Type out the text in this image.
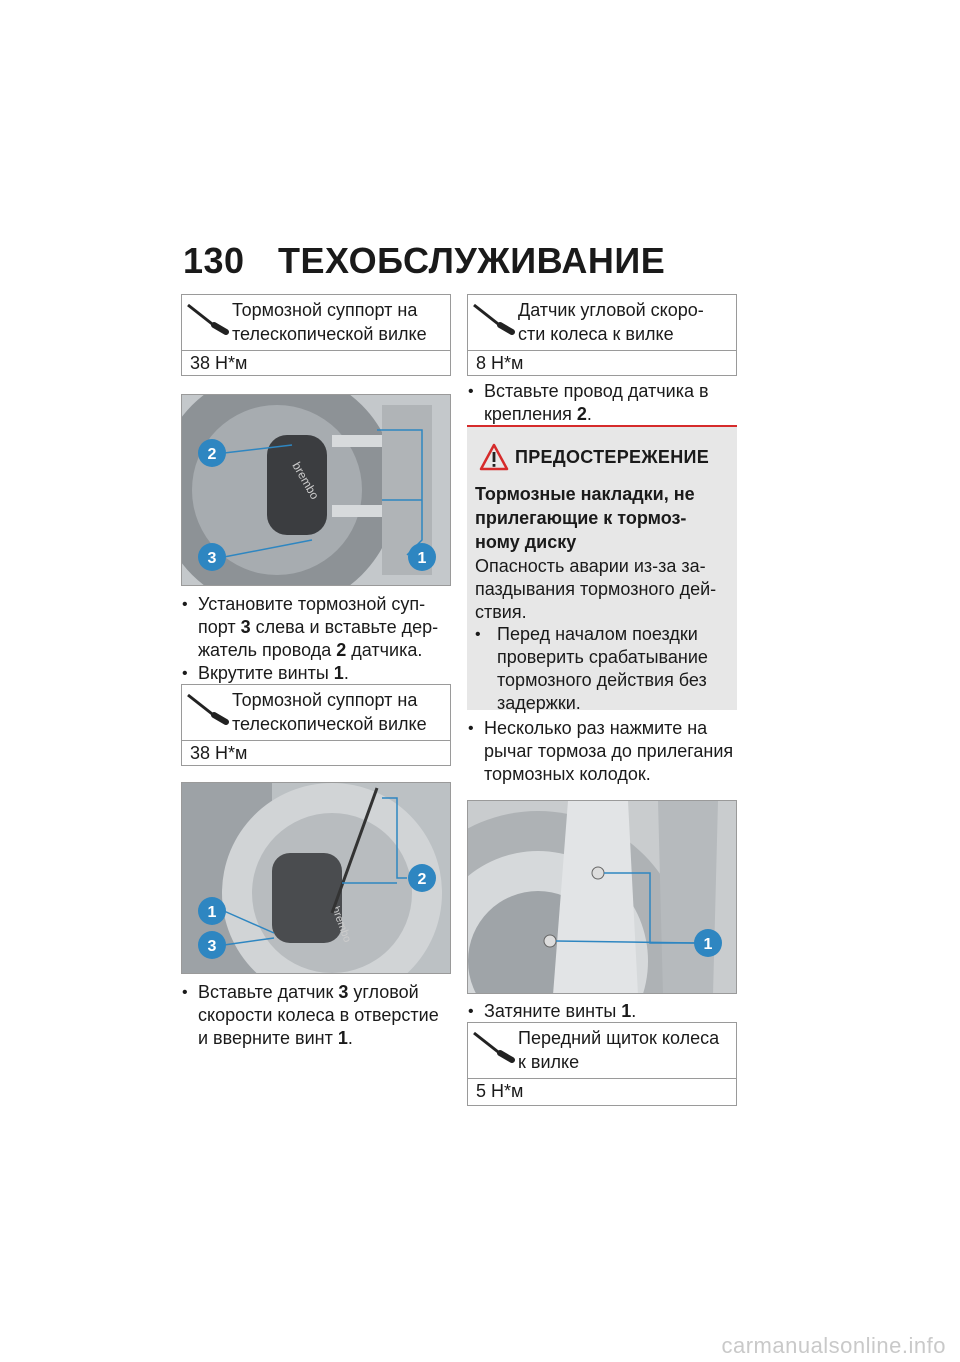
130 ТЕХОБСЛУЖИВАНИЕ
Тормозной суппорт на
телескопической вилке
38 Н*м
brembo
2
3	1
• Установите тормозной суп-
порт 3 слева и вставьте дер-
жатель провода 2 датчика.
• Вкрутите винты 1.
Тормозной суппорт на
телескопической вилке
38 Н*м
brembo
2
1
3
• Вставьте датчик 3 угловой
скорости колеса в отверстие
и вверните винт 1.
Датчик угловой скоро-
сти колеса к вилке
8 Н*м
• Вставьте провод датчика в
крепления 2.
ПРЕДОСТЕРЕЖЕНИЕ
Тормозные накладки, не
прилегающие к тормоз-
ному диску
Опасность аварии из-за за-
паздывания тормозного дей-
ствия.
• Перед началом поездки
проверить срабатывание
тормозного действия без
задержки.
• Несколько раз нажмите на
рычаг тормоза до прилегания
тормозных колодок.
1
• Затяните винты 1.
Передний щиток колеса
к вилке
5 Н*м
carmanualsonline.info
